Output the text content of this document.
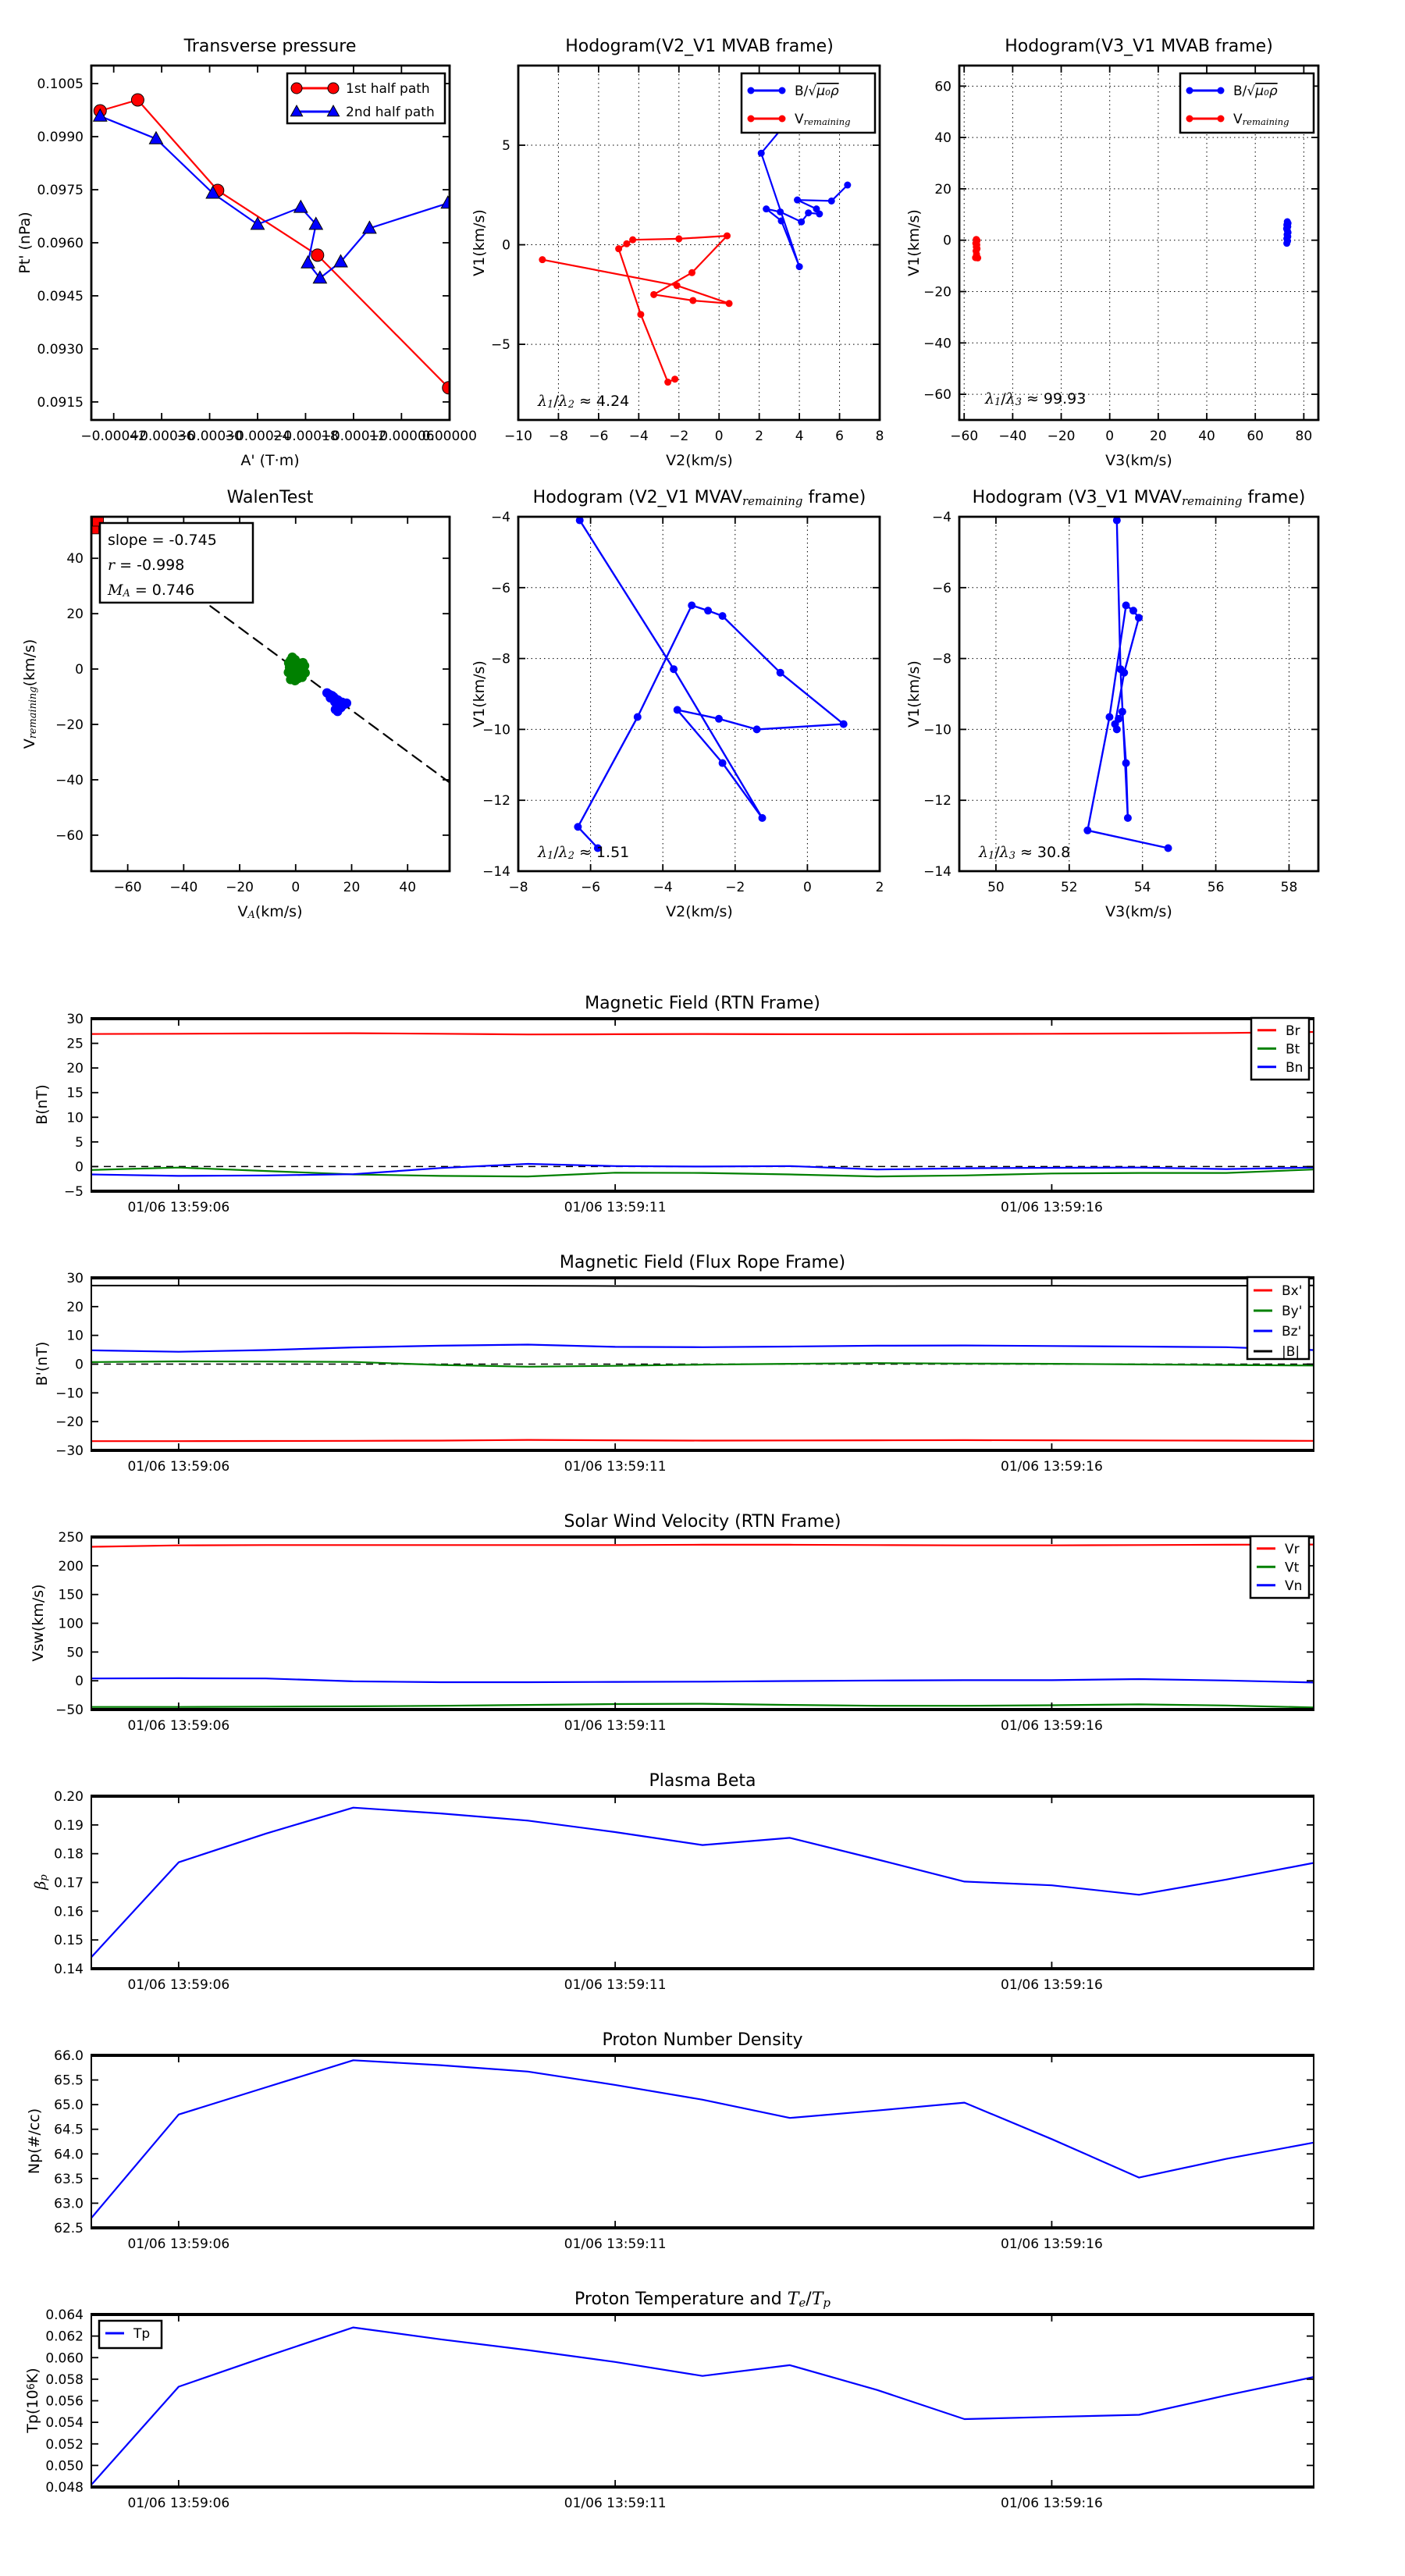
−0.00042
−0.00036
−0.00030
−0.00024
−0.00018
−0.00012
−0.00006
0.00000
0.0915
0.0930
0.0945
0.0960
0.0975
0.0990
0.1005
Transverse pressure
A' (T·m)
Pt' (nPa)
1st half path
2nd half path
−10 −8 −6 −4 −2 0 2 4 6 8
−5
0
5
Hodogram(V2_V1 MVAB frame)
V2(km/s)
V1(km/s)
λ1/λ2 ≈ 4.24
B/√μ₀ρ
Vremaining
−60 −40 −20 0	20 40 60 80
−60
−40
−20
0
20
40
60
Hodogram(V3_V1 MVAB frame)
V3(km/s)
V1(km/s)
λ1/λ3 ≈ 99.93
B/√μ₀ρ
Vremaining
−60 −40 −20	0	20	40
−60
−40
−20
0
20
40
WalenTest
VA(km/s)
Vremaining(km/s)
slope = -0.745
r = -0.998
MA = 0.746
−8	−6	−4	−2	0	2
−14
−12
−10
−8
−6
−4
Hodogram (V2_V1 MVAVremaining frame)
V2(km/s)
V1(km/s)
λ1/λ2 ≈ 1.51
50	52	54	56	58
−14
−12
−10
−8
−6
−4
Hodogram (V3_V1 MVAVremaining frame)
V3(km/s)
V1(km/s)
λ1/λ3 ≈ 30.8
01/06 13:59:06	01/06 13:59:11	01/06 13:59:16
−5
0
5
10
15
20
25
30
Magnetic Field (RTN Frame)
B(nT)
Br
Bt
Bn
01/06 13:59:06	01/06 13:59:11	01/06 13:59:16
−30
−20
−10
0
10
20
30
Magnetic Field (Flux Rope Frame)
B'(nT)
Bx'
By'
Bz'
|B|
01/06 13:59:06	01/06 13:59:11	01/06 13:59:16
−50
0
50
100
150
200
250
Solar Wind Velocity (RTN Frame)
Vsw(km/s)
Vr
Vt
Vn
01/06 13:59:06	01/06 13:59:11	01/06 13:59:16
0.14
0.15
0.16
0.17
0.18
0.19
0.20
Plasma Beta
βp
01/06 13:59:06	01/06 13:59:11	01/06 13:59:16
62.5
63.0
63.5
64.0
64.5
65.0
65.5
66.0
Proton Number Density
Np(#/cc)
01/06 13:59:06	01/06 13:59:11	01/06 13:59:16
0.048
0.050
0.052
0.054
0.056
0.058
0.060
0.062
0.064
Proton Temperature and Te/Tp
Tp(106K)
Tp
